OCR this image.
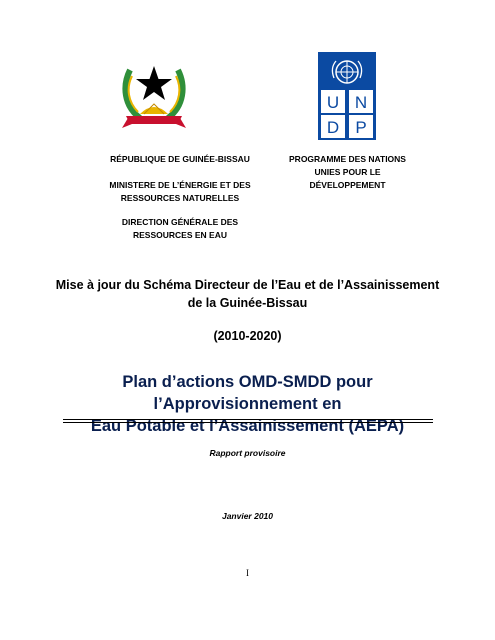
U N
D P
RÉPUBLIQUE DE GUINÉE-BISSAU
MINISTERE DE L’ÉNERGIE ET DES
RESSOURCES NATURELLES
DIRECTION GÉNÉRALE DES
RESSOURCES EN EAU
PROGRAMME DES NATIONS
UNIES POUR LE
DÉVELOPPEMENT
Mise à jour du Schéma Directeur de l’Eau et de l’Assainissement
de la Guinée-Bissau
(2010-2020)
Plan d’actions OMD-SMDD pour l’Approvisionnement en
Eau Potable et l’Assainissement (AEPA)
Rapport provisoire
Janvier 2010
I
